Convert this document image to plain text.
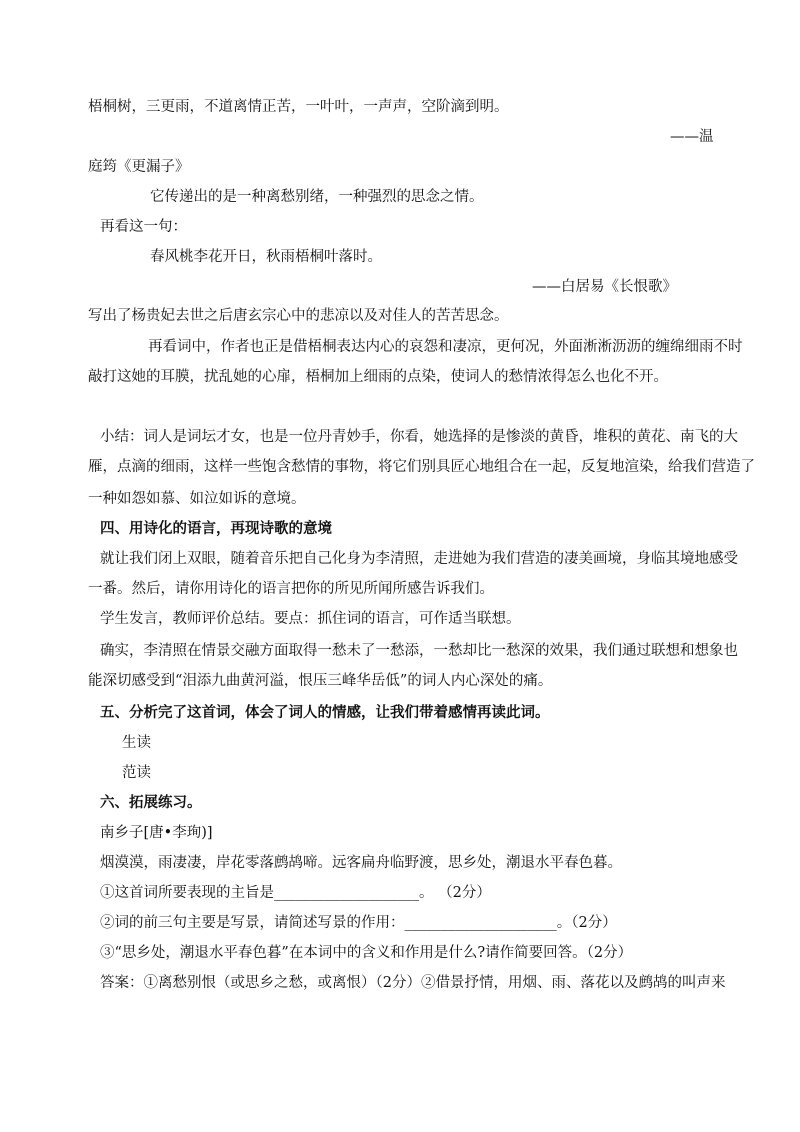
梧桐树，三更雨，不道离情正苦，一叶叶，一声声，空阶滴到明。
——温
庭筠《更漏子》
它传递出的是一种离愁别绪，一种强烈的思念之情。
再看这一句：
春风桃李花开日，秋雨梧桐叶落时。
——白居易《长恨歌》
写出了杨贵妃去世之后唐玄宗心中的悲凉以及对佳人的苦苦思念。
再看词中，作者也正是借梧桐表达内心的哀怨和凄凉，更何况，外面淅淅沥沥的缠绵细雨不时
敲打这她的耳膜，扰乱她的心扉，梧桐加上细雨的点染，使词人的愁情浓得怎么也化不开。
小结：词人是词坛才女，也是一位丹青妙手，你看，她选择的是惨淡的黄昏，堆积的黄花、南飞的大
雁，点滴的细雨，这样一些饱含愁情的事物，将它们别具匠心地组合在一起，反复地渲染，给我们营造了
一种如怨如慕、如泣如诉的意境。
四、用诗化的语言，再现诗歌的意境
就让我们闭上双眼，随着音乐把自己化身为李清照，走进她为我们营造的凄美画境，身临其境地感受
一番。然后，请你用诗化的语言把你的所见所闻所感告诉我们。
学生发言，教师评价总结。要点：抓住词的语言，可作适当联想。
确实，李清照在情景交融方面取得一愁未了一愁添，一愁却比一愁深的效果，我们通过联想和想象也
能深切感受到“泪添九曲黄河溢，恨压三峰华岳低”的词人内心深处的痛。
五、分析完了这首词，体会了词人的情感，让我们带着感情再读此词。
生读
范读
六、拓展练习。
南乡子[唐•李珣)]
烟漠漠，雨凄凄，岸花零落鹧鸪啼。远客扁舟临野渡，思乡处，潮退水平春色暮。
①这首词所要表现的主旨是____________________。 （2分）
②词的前三句主要是写景，请简述写景的作用：_____________________。（2分）
③“思乡处，潮退水平春色暮”在本词中的含义和作用是什么?请作简要回答。（2分）
答案：①离愁别恨（或思乡之愁，或离恨）（2分）②借景抒情，用烟、雨、落花以及鹧鸪的叫声来
